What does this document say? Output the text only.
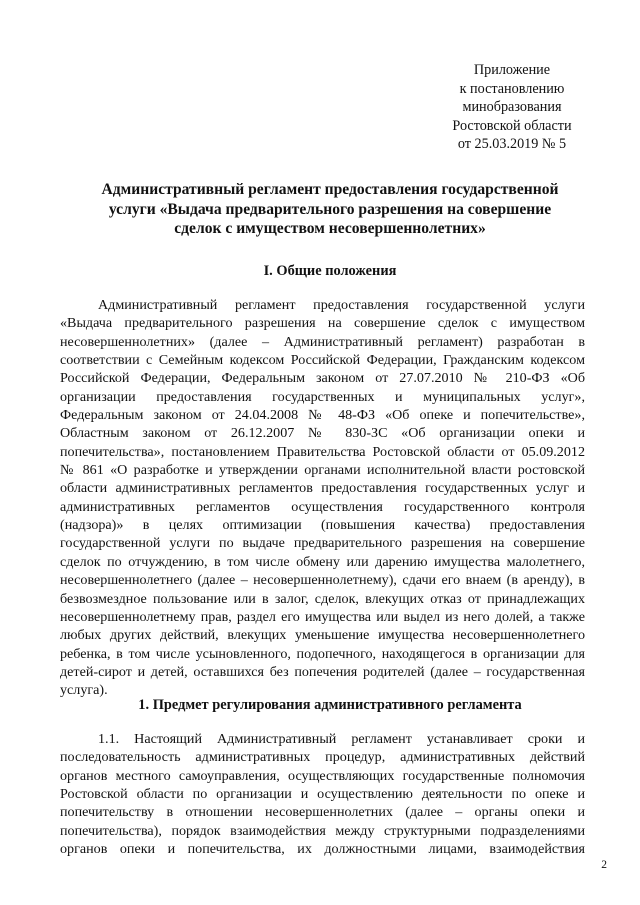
Приложение
к постановлению
минобразования
Ростовской области
от 25.03.2019 № 5
Административный регламент предоставления государственной
услуги «Выдача предварительного разрешения на совершение
сделок с имуществом несовершеннолетних»
I. Общие положения
Административный регламент предоставления государственной услуги
«Выдача предварительного разрешения на совершение сделок с имуществом
несовершеннолетних» (далее – Административный регламент) разработан в
соответствии с Семейным кодексом Российской Федерации, Гражданским кодексом
Российской Федерации, Федеральным законом от 27.07.2010 № 210-ФЗ «Об
организации предоставления государственных и муниципальных услуг»,
Федеральным законом от 24.04.2008 № 48-ФЗ «Об опеке и попечительстве»,
Областным законом от 26.12.2007 № 830-ЗС «Об организации опеки и
попечительства», постановлением Правительства Ростовской области от 05.09.2012
№ 861 «О разработке и утверждении органами исполнительной власти ростовской
области административных регламентов предоставления государственных услуг и
административных регламентов осуществления государственного контроля
(надзора)» в целях оптимизации (повышения качества) предоставления
государственной услуги по выдаче предварительного разрешения на совершение
сделок по отчуждению, в том числе обмену или дарению имущества малолетнего,
несовершеннолетнего (далее – несовершеннолетнему), сдачи его внаем (в аренду), в
безвозмездное пользование или в залог, сделок, влекущих отказ от принадлежащих
несовершеннолетнему прав, раздел его имущества или выдел из него долей, а также
любых других действий, влекущих уменьшение имущества несовершеннолетнего
ребенка, в том числе усыновленного, подопечного, находящегося в организации для
детей-сирот и детей, оставшихся без попечения родителей (далее – государственная
услуга).
1. Предмет регулирования административного регламента
1.1. Настоящий Административный регламент устанавливает сроки и
последовательность административных процедур, административных действий
органов местного самоуправления, осуществляющих государственные полномочия
Ростовской области по организации и осуществлению деятельности по опеке и
попечительству в отношении несовершеннолетних (далее – органы опеки и
попечительства), порядок взаимодействия между структурными подразделениями
органов опеки и попечительства, их должностными лицами, взаимодействия
2
